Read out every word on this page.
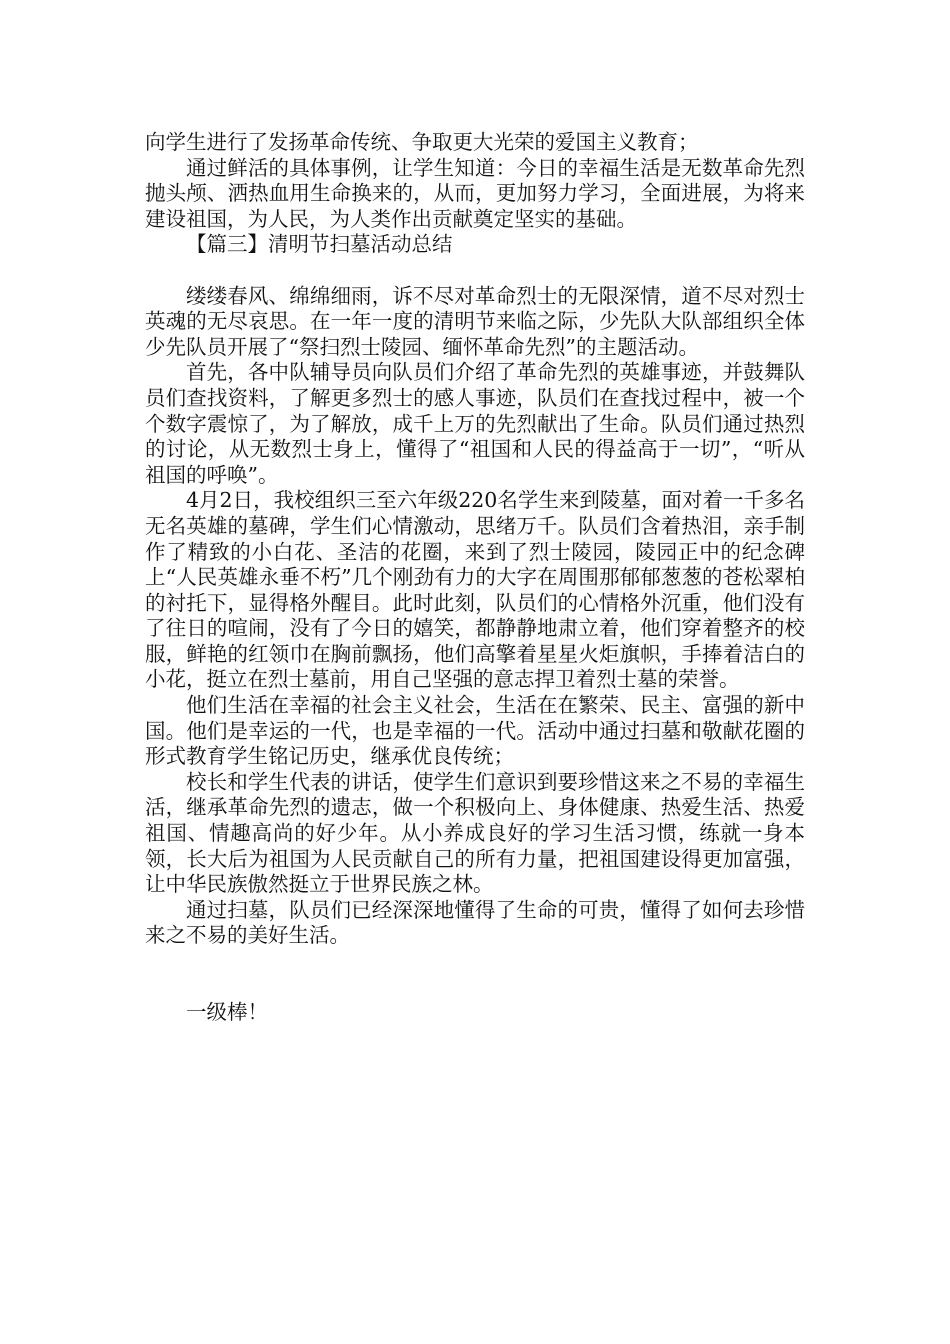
向学生进行了发扬革命传统、争取更大光荣的爱国主义教育；

通过鲜活的具体事例，让学生知道：今日的幸福生活是无数革命先烈抛头颅、洒热血用生命换来的，从而，更加努力学习，全面进展，为将来建设祖国，为人民，为人类作出贡献奠定坚实的基础。

【篇三】清明节扫墓活动总结

缕缕春风、绵绵细雨，诉不尽对革命烈士的无限深情，道不尽对烈士英魂的无尽哀思。在一年一度的清明节来临之际，少先队大队部组织全体少先队员开展了“祭扫烈士陵园、缅怀革命先烈”的主题活动。

首先，各中队辅导员向队员们介绍了革命先烈的英雄事迹，并鼓舞队员们查找资料，了解更多烈士的感人事迹，队员们在查找过程中，被一个个数字震惊了，为了解放，成千上万的先烈献出了生命。队员们通过热烈的讨论，从无数烈士身上，懂得了“祖国和人民的得益高于一切”，“听从祖国的呼唤”。

4月2日，我校组织三至六年级220名学生来到陵墓，面对着一千多名无名英雄的墓碑，学生们心情激动，思绪万千。队员们含着热泪，亲手制作了精致的小白花、圣洁的花圈，来到了烈士陵园，陵园正中的纪念碑上“人民英雄永垂不朽”几个刚劲有力的大字在周围那郁郁葱葱的苍松翠柏的衬托下，显得格外醒目。此时此刻，队员们的心情格外沉重，他们没有了往日的喧闹，没有了今日的嬉笑，都静静地肃立着，他们穿着整齐的校服，鲜艳的红领巾在胸前飘扬，他们高擎着星星火炬旗帜，手捧着洁白的小花，挺立在烈士墓前，用自己坚强的意志捍卫着烈士墓的荣誉。

他们生活在幸福的社会主义社会，生活在在繁荣、民主、富强的新中国。他们是幸运的一代，也是幸福的一代。活动中通过扫墓和敬献花圈的形式教育学生铭记历史，继承优良传统；

校长和学生代表的讲话，使学生们意识到要珍惜这来之不易的幸福生活，继承革命先烈的遗志，做一个积极向上、身体健康、热爱生活、热爱祖国、情趣高尚的好少年。从小养成良好的学习生活习惯，练就一身本领，长大后为祖国为人民贡献自己的所有力量，把祖国建设得更加富强，让中华民族傲然挺立于世界民族之林。

通过扫墓，队员们已经深深地懂得了生命的可贵，懂得了如何去珍惜来之不易的美好生活。

一级棒！
